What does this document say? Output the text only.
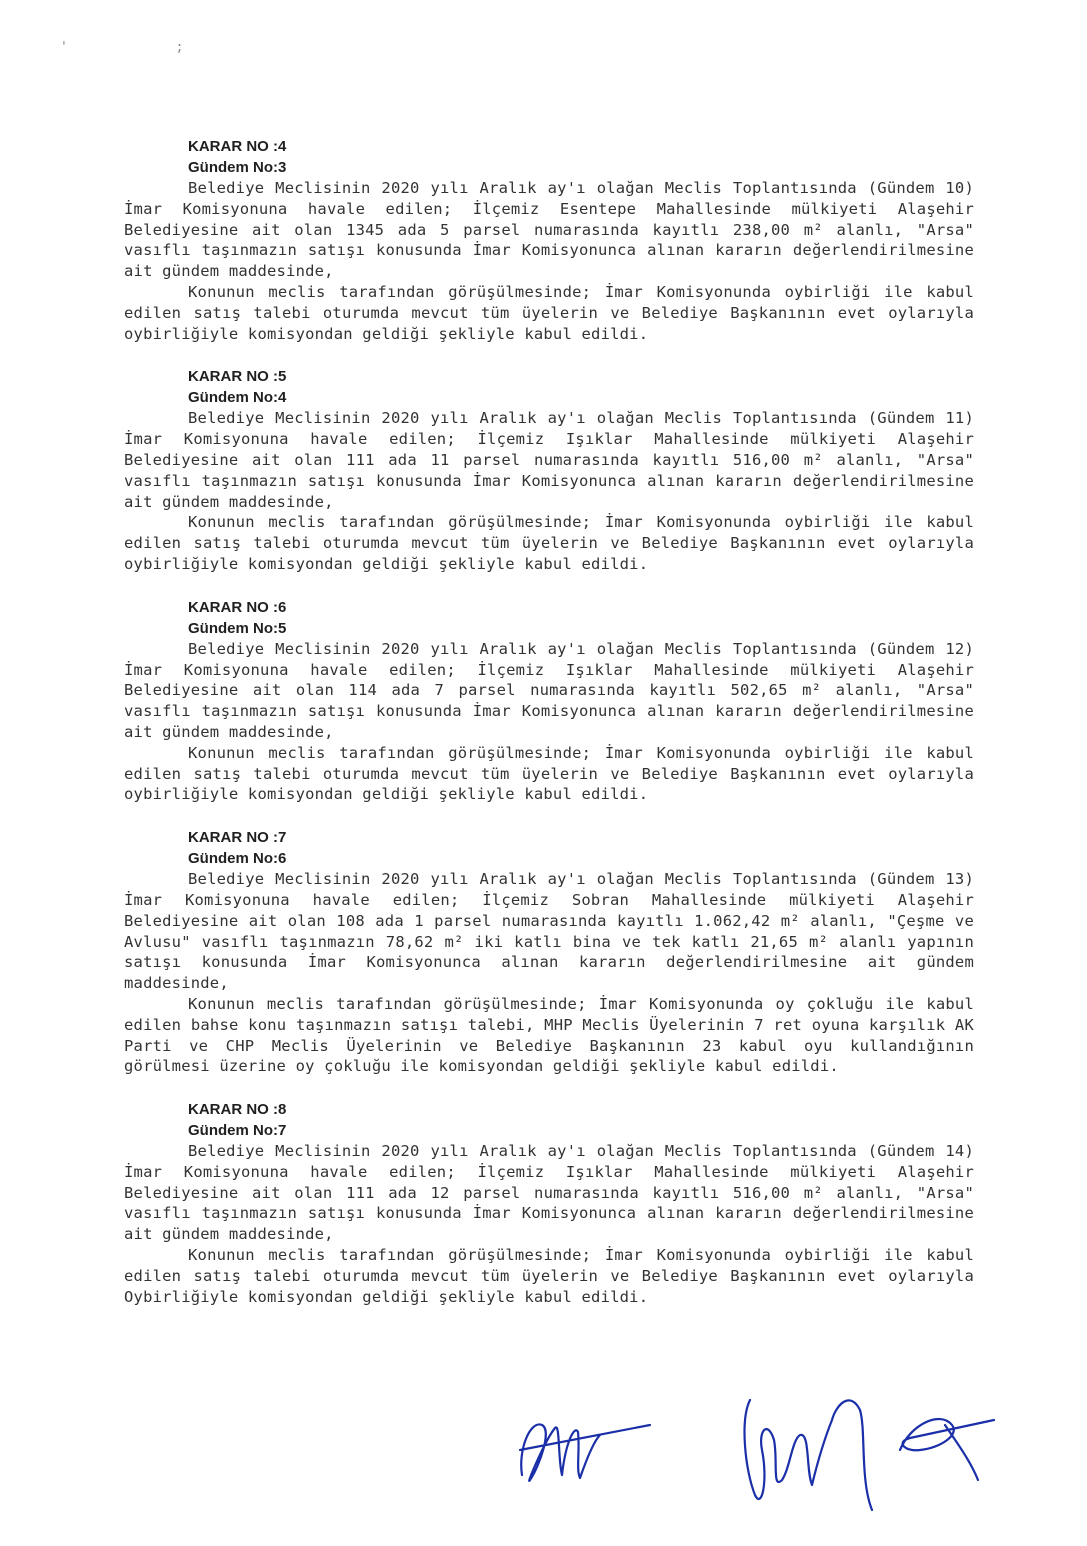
' ;
KARAR NO :4
Gündem No:3

Belediye Meclisinin 2020 yılı Aralık ay'ı olağan Meclis Toplantısında (Gündem 10) İmar Komisyonuna havale edilen; İlçemiz Esentepe Mahallesinde mülkiyeti Alaşehir Belediyesine ait olan 1345 ada 5 parsel numarasında kayıtlı 238,00 m² alanlı, "Arsa" vasıflı taşınmazın satışı konusunda İmar Komisyonunca alınan kararın değerlendirilmesine ait gündem maddesinde,

Konunun meclis tarafından görüşülmesinde; İmar Komisyonunda oybirliği ile kabul edilen satış talebi oturumda mevcut tüm üyelerin ve Belediye Başkanının evet oylarıyla oybirliğiyle komisyondan geldiği şekliyle kabul edildi.

KARAR NO :5
Gündem No:4

Belediye Meclisinin 2020 yılı Aralık ay'ı olağan Meclis Toplantısında (Gündem 11) İmar Komisyonuna havale edilen; İlçemiz Işıklar Mahallesinde mülkiyeti Alaşehir Belediyesine ait olan 111 ada 11 parsel numarasında kayıtlı 516,00 m² alanlı, "Arsa" vasıflı taşınmazın satışı konusunda İmar Komisyonunca alınan kararın değerlendirilmesine ait gündem maddesinde,

Konunun meclis tarafından görüşülmesinde; İmar Komisyonunda oybirliği ile kabul edilen satış talebi oturumda mevcut tüm üyelerin ve Belediye Başkanının evet oylarıyla oybirliğiyle komisyondan geldiği şekliyle kabul edildi.

KARAR NO :6
Gündem No:5

Belediye Meclisinin 2020 yılı Aralık ay'ı olağan Meclis Toplantısında (Gündem 12) İmar Komisyonuna havale edilen; İlçemiz Işıklar Mahallesinde mülkiyeti Alaşehir Belediyesine ait olan 114 ada 7 parsel numarasında kayıtlı 502,65 m² alanlı, "Arsa" vasıflı taşınmazın satışı konusunda İmar Komisyonunca alınan kararın değerlendirilmesine ait gündem maddesinde,

Konunun meclis tarafından görüşülmesinde; İmar Komisyonunda oybirliği ile kabul edilen satış talebi oturumda mevcut tüm üyelerin ve Belediye Başkanının evet oylarıyla oybirliğiyle komisyondan geldiği şekliyle kabul edildi.

KARAR NO :7
Gündem No:6

Belediye Meclisinin 2020 yılı Aralık ay'ı olağan Meclis Toplantısında (Gündem 13) İmar Komisyonuna havale edilen; İlçemiz Sobran Mahallesinde mülkiyeti Alaşehir Belediyesine ait olan 108 ada 1 parsel numarasında kayıtlı 1.062,42 m² alanlı, "Çeşme ve Avlusu" vasıflı taşınmazın 78,62 m² iki katlı bina ve tek katlı 21,65 m² alanlı yapının satışı konusunda İmar Komisyonunca alınan kararın değerlendirilmesine ait gündem maddesinde,

Konunun meclis tarafından görüşülmesinde; İmar Komisyonunda oy çokluğu ile kabul edilen bahse konu taşınmazın satışı talebi, MHP Meclis Üyelerinin 7 ret oyuna karşılık AK Parti ve CHP Meclis Üyelerinin ve Belediye Başkanının 23 kabul oyu kullandığının görülmesi üzerine oy çokluğu ile komisyondan geldiği şekliyle kabul edildi.

KARAR NO :8
Gündem No:7

Belediye Meclisinin 2020 yılı Aralık ay'ı olağan Meclis Toplantısında (Gündem 14) İmar Komisyonuna havale edilen; İlçemiz Işıklar Mahallesinde mülkiyeti Alaşehir Belediyesine ait olan 111 ada 12 parsel numarasında kayıtlı 516,00 m² alanlı, "Arsa" vasıflı taşınmazın satışı konusunda İmar Komisyonunca alınan kararın değerlendirilmesine ait gündem maddesinde,

Konunun meclis tarafından görüşülmesinde; İmar Komisyonunda oybirliği ile kabul edilen satış talebi oturumda mevcut tüm üyelerin ve Belediye Başkanının evet oylarıyla Oybirliğiyle komisyondan geldiği şekliyle kabul edildi.
